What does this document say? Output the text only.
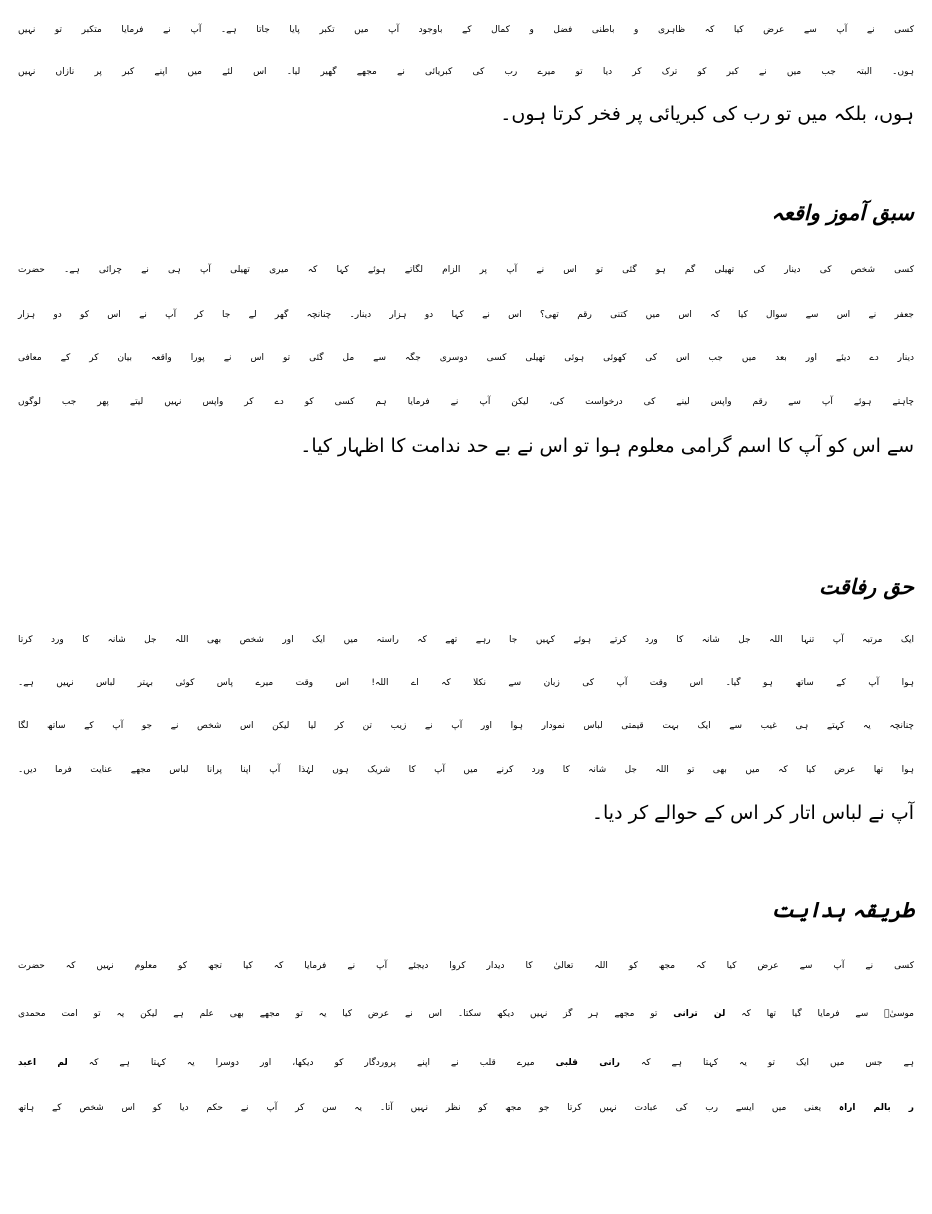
کسی نے آپ سے عرض کیا کہ ظاہری و باطنی فضل و کمال کے باوجود آپ میں تکبر پایا جاتا ہے۔ آپ نے فرمایا متکبر تو نہیں
ہوں۔ البتہ جب میں نے کبر کو ترک کر دیا تو میرے رب کی کبریائی نے مجھے گھیر لیا۔ اس لئے میں اپنے کبر پر نازاں نہیں
ہوں، بلکہ میں تو رب کی کبریائی پر فخر کرتا ہوں۔
سبق آموز واقعہ
کسی شخص کی دینار کی تھیلی گم ہو گئی تو اس نے آپ پر الزام لگاتے ہوئے کہا کہ میری تھیلی آپ ہی نے چرائی ہے۔ حضرت
جعفر نے اس سے سوال کیا کہ اس میں کتنی رقم تھی؟ اس نے کہا دو ہزار دینار۔ چنانچہ گھر لے جا کر آپ نے اس کو دو ہزار
دینار دے دیئے اور بعد میں جب اس کی کھوئی ہوئی تھیلی کسی دوسری جگہ سے مل گئی تو اس نے پورا واقعہ بیان کر کے معافی
چاہتے ہوئے آپ سے رقم واپس لینے کی درخواست کی، لیکن آپ نے فرمایا ہم کسی کو دے کر واپس نہیں لیتے پھر جب لوگوں
سے اس کو آپ کا اسم گرامی معلوم ہوا تو اس نے بے حد ندامت کا اظہار کیا۔
حق رفاقت
ایک مرتبہ آپ تنہا اللہ جل شانہ کا ورد کرتے ہوئے کہیں جا رہے تھے کہ راستہ میں ایک اور شخص بھی اللہ جل شانہ کا ورد کرتا
ہوا آپ کے ساتھ ہو گیا۔ اس وقت آپ کی زبان سے نکلا کہ اے اللہ! اس وقت میرے پاس کوئی بہتر لباس نہیں ہے۔
چنانچہ یہ کہتے ہی غیب سے ایک بہت قیمتی لباس نمودار ہوا اور آپ نے زیب تن کر لیا لیکن اس شخص نے جو آپ کے ساتھ لگا
ہوا تھا عرض کیا کہ میں بھی تو اللہ جل شانہ کا ورد کرنے میں آپ کا شریک ہوں لہٰذا آپ اپنا پرانا لباس مجھے عنایت فرما دیں۔
آپ نے لباس اتار کر اس کے حوالے کر دیا۔
طریقہ ہدایت
کسی نے آپ سے عرض کیا کہ مجھ کو اللہ تعالیٰ کا دیدار کروا دیجئے آپ نے فرمایا کہ کیا تجھ کو معلوم نہیں کہ حضرت
موسیٰؑ سے فرمایا گیا تھا کہ لن ترانی تو مجھے ہر گز نہیں دیکھ سکتا۔ اس نے عرض کیا یہ تو مجھے بھی علم ہے لیکن یہ تو امت محمدی
ہے جس میں ایک تو یہ کہتا ہے کہ رانی قلبی میرے قلب نے اپنے پروردگار کو دیکھا، اور دوسرا یہ کہتا ہے کہ لم اعبد
ر بالم اراہ یعنی میں ایسے رب کی عبادت نہیں کرتا جو مجھ کو نظر نہیں آتا۔ یہ سن کر آپ نے حکم دیا کو اس شخص کے ہاتھ
